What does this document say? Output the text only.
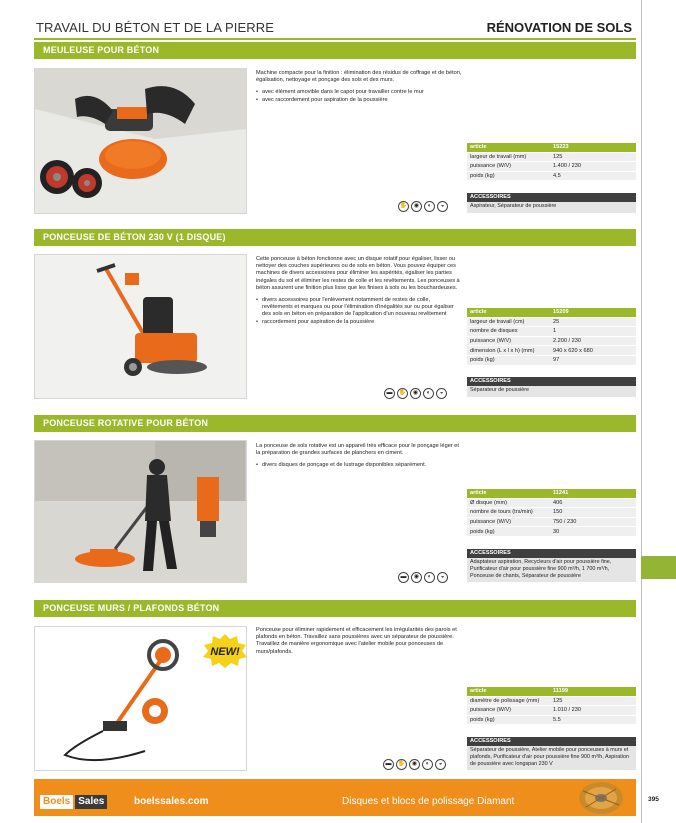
TRAVAIL DU BÉTON ET DE LA PIERRE	RÉNOVATION DE SOLS
MEULEUSE POUR BÉTON

Machine compacte pour la finition : élimination des résidus de coffrage et de béton, égalisation, nettoyage et ponçage des sols et des murs.

• avec élément amovible dans le capot pour travailler contre le mur
• avec raccordement pour aspiration de la poussière
article	15223
largeur de travail (mm)	125
puissance (W/V)	1.400 / 230
poids (kg)	4,5
ACCESSOIRES
Aspirateur, Séparateur de poussière
✋	◉	◐	◒
PONCEUSE DE BÉTON 230 V (1 DISQUE)

Cette ponceuse à béton fonctionne avec un disque rotatif pour égaliser, lisser ou nettoyer des couches supérieures ou de sols en béton. Vous pouvez équiper ces machines de divers accessoires pour éliminer les aspérités, égaliser les parties inégales du sol et éliminer les restes de colle et les revêtements. Les ponceuses à béton assurent une finition plus lisse que les finises à sols ou les bouchardeuses.

• divers accessoires pour l'enlèvement notamment de restes de colle, revêtements et marques ou pour l'élimination d'inégalités sur ou pour égaliser des sols en béton en préparation de l'application d'un nouveau revêtement
• raccordement pour aspiration de la poussière
article	15209
largeur de travail (cm)	25
nombre de disques	1
puissance (W/V)	2.200 / 230
dimension (L x l x h) (mm)	940 x 620 x 680
poids (kg)	97
ACCESSOIRES
Séparateur de poussière
▬	✋	◉	◐	◒
PONCEUSE ROTATIVE POUR BÉTON

La ponceuse de sols rotative est un appareil très efficace pour le ponçage léger et la préparation de grandes surfaces de planchers en ciment.

• divers disques de ponçage et de lustrage disponibles séparément.
article	11241
Ø disque (mm)	406
nombre de tours (trs/min)	150
puissance (W/V)	750 / 230
poids (kg)	30
ACCESSOIRES
Adaptateur aspiration, Recycleurs d'air pour poussière fine, Purificateur d'air pour poussière fine 900 m³/h, 1 700 m³/h, Ponceuse de chants, Séparateur de poussière
▬	◉	◐	◒
PONCEUSE MURS / PLAFONDS BÉTON
NEW!

Ponceuse pour éliminer rapidement et efficacement les irrégularités des parois et plafonds en béton. Travaillez sans poussières avec un séparateur de poussière. Travaillez de manière ergonomique avec l'atelier mobile pour ponceuses de murs/plafonds.

article	11199
diamètre de polissage (mm)	125
puissance (W/V)	1.010 / 230
poids (kg)	5.5
ACCESSOIRES
Séparateur de poussière, Atelier mobile pour ponceuses à murs et plafonds, Purificateur d'air pour poussière fine 900 m³/h, Aspiration de poussière avec longspan 230 V
▬	✋	◉	◐	◒
Boels Sales	boelssales.com	Disques et blocs de polissage Diamant	395
